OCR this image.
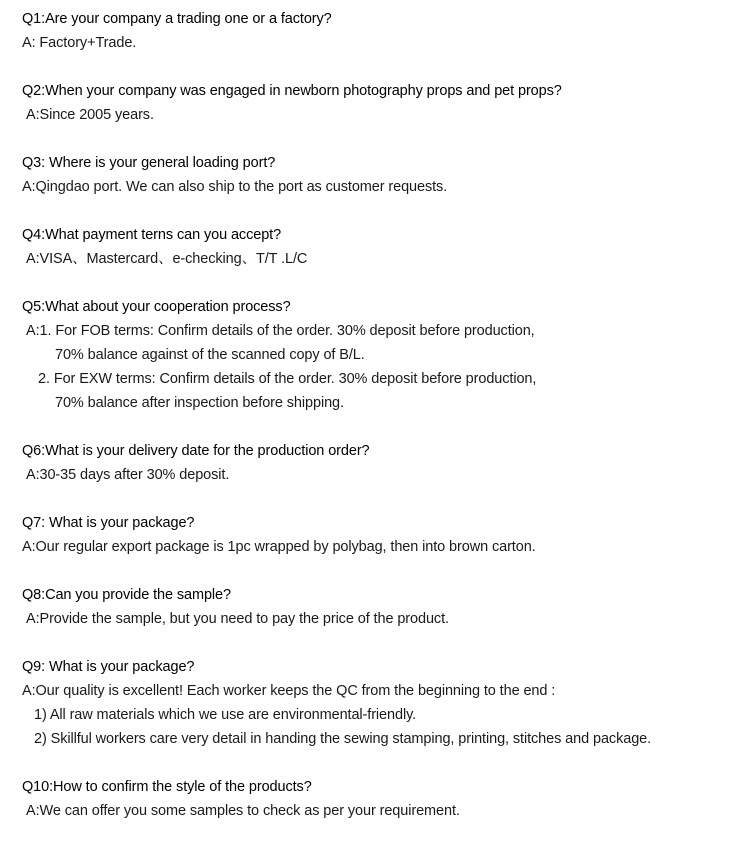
Q1:Are your company a trading one or a factory?
A: Factory+Trade.
Q2:When your company was engaged in newborn photography props and pet props?
A:Since 2005 years.
Q3: Where is your general loading port?
A:Qingdao port. We can also ship to the port as customer requests.
Q4:What payment terns can you accept?
A:VISA、Mastercard、e-checking、T/T .L/C
Q5:What about your cooperation process?
A:1. For FOB terms: Confirm details of the order. 30% deposit before production,
70% balance against of the scanned copy of B/L.
2. For EXW terms: Confirm details of the order. 30% deposit before production,
70% balance after inspection before shipping.
Q6:What is your delivery date for the production order?
A:30-35 days after 30% deposit.
Q7: What is your package?
A:Our regular export package is 1pc wrapped by polybag, then into brown carton.
Q8:Can you provide the sample?
A:Provide the sample, but you need to pay the price of the product.
Q9: What is your package?
A:Our quality is excellent! Each worker keeps the QC from the beginning to the end :
1) All raw materials which we use are environmental-friendly.
2) Skillful workers care very detail in handing the sewing stamping, printing, stitches and package.
Q10:How to confirm the style of the products?
A:We can offer you some samples to check as per your requirement.
